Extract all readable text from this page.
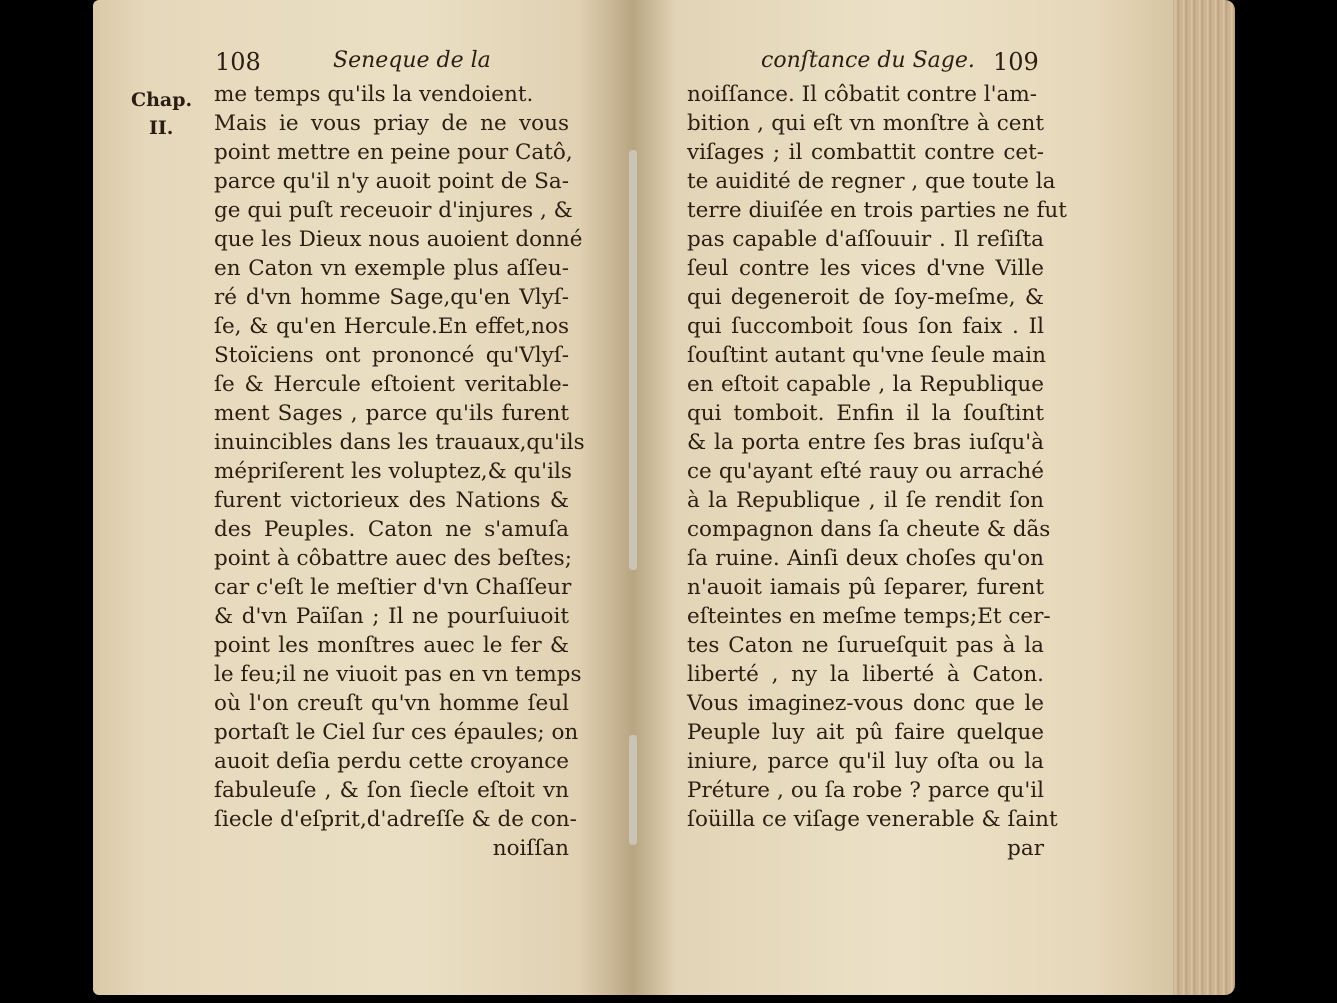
108	Seneque de la
Chap.
II.
me temps qu'ils la vendoient.
Mais ie vous priay de ne vous
point mettre en peine pour Catô,
parce qu'il n'y auoit point de Sa-
ge qui puſt receuoir d'injures , &
que les Dieux nous auoient donné
en Caton vn exemple plus aſſeu-
ré d'vn homme Sage,qu'en Vlyſ-
ſe, & qu'en Hercule.En effet,nos
Stoïciens ont prononcé qu'Vlyſ-
ſe & Hercule eſtoient veritable-
ment Sages , parce qu'ils furent
inuincibles dans les trauaux,qu'ils
mépriſerent les voluptez,& qu'ils
furent victorieux des Nations &
des Peuples. Caton ne s'amuſa
point à côbattre auec des beſtes;
car c'eſt le meſtier d'vn Chaſſeur
& d'vn Païſan ; Il ne pourſuiuoit
point les monſtres auec le fer &
le feu;il ne viuoit pas en vn temps
où l'on creuſt qu'vn homme ſeul
portaſt le Ciel ſur ces épaules; on
auoit deſia perdu cette croyance
fabuleuſe , & ſon ſiecle eſtoit vn
ſiecle d'eſprit,d'adreſſe & de con-
noiſſan
conſtance du Sage. 109
noiſſance. Il côbatit contre l'am-
bition , qui eſt vn monſtre à cent
viſages ; il combattit contre cet-
te auidité de regner , que toute la
terre diuiſée en trois parties ne fut
pas capable d'aſſouuir . Il reſiſta
ſeul contre les vices d'vne Ville
qui degeneroit de ſoy-meſme, &
qui ſuccomboit ſous ſon faix . Il
ſouſtint autant qu'vne ſeule main
en eſtoit capable , la Republique
qui tomboit. Enfin il la ſouſtint
& la porta entre ſes bras iuſqu'à
ce qu'ayant eſté rauy ou arraché
à la Republique , il ſe rendit ſon
compagnon dans ſa cheute & dãs
ſa ruine. Ainſi deux choſes qu'on
n'auoit iamais pû ſeparer, furent
eſteintes en meſme temps;Et cer-
tes Caton ne ſurueſquit pas à la
liberté , ny la liberté à Caton.
Vous imaginez-vous donc que le
Peuple luy ait pû faire quelque
iniure, parce qu'il luy oſta ou la
Préture , ou ſa robe ? parce qu'il
ſoüilla ce viſage venerable & ſaint
par
